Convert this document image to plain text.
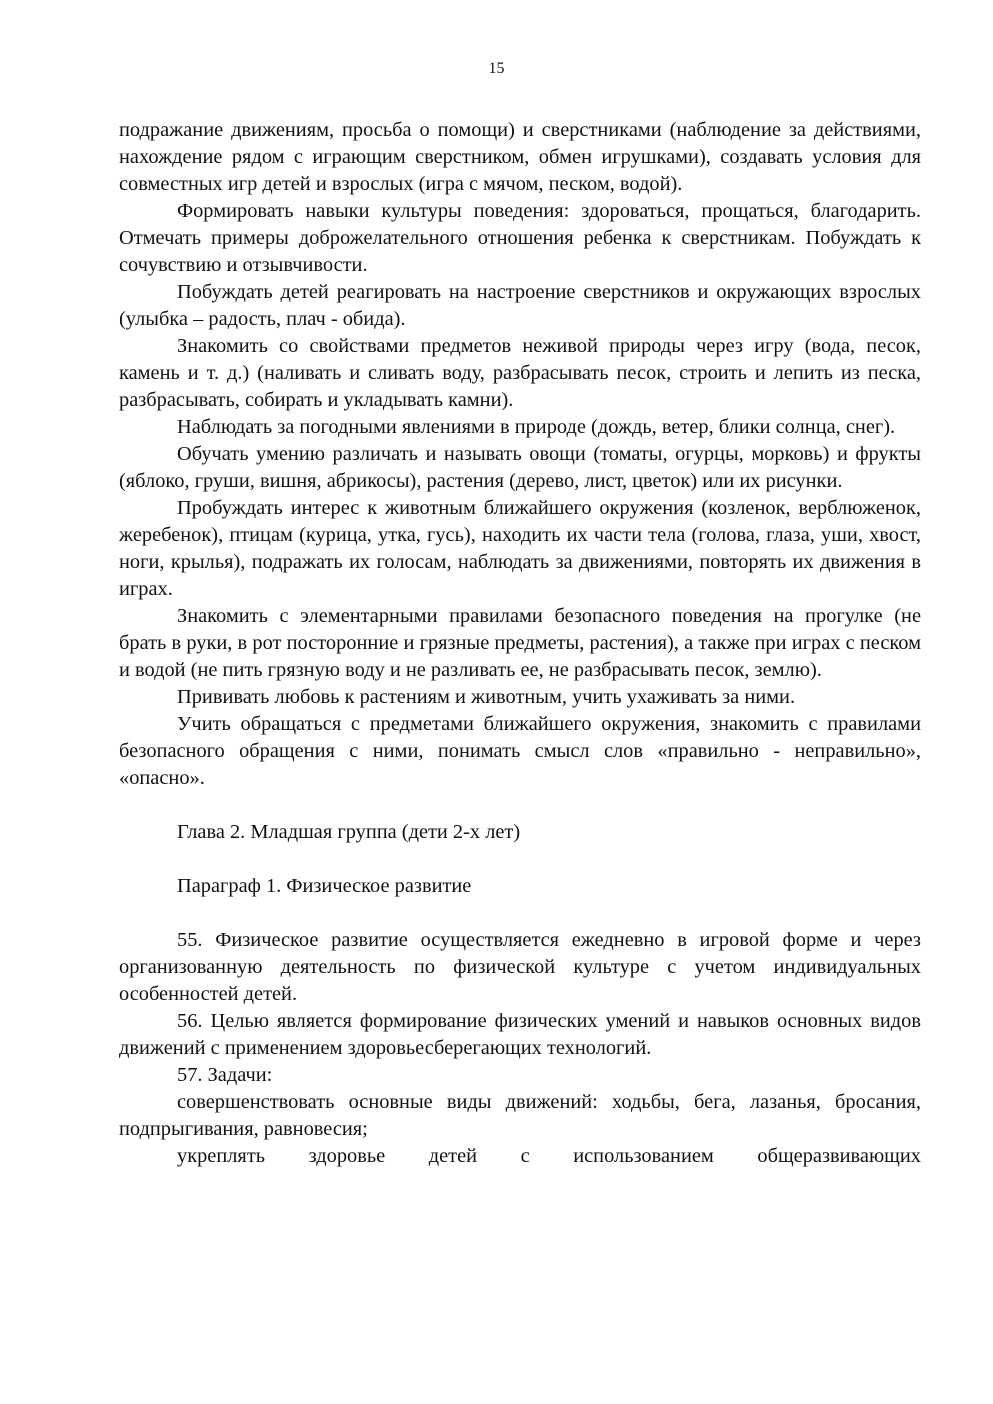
15

подражание движениям, просьба о помощи) и сверстниками (наблюдение за действиями, нахождение рядом с играющим сверстником, обмен игрушками), создавать условия для совместных игр детей и взрослых (игра с мячом, песком, водой).

Формировать навыки культуры поведения: здороваться, прощаться, благодарить. Отмечать примеры доброжелательного отношения ребенка к сверстникам. Побуждать к сочувствию и отзывчивости.

Побуждать детей реагировать на настроение сверстников и окружающих взрослых (улыбка – радость, плач - обида).

Знакомить со свойствами предметов неживой природы через игру (вода, песок, камень и т. д.) (наливать и сливать воду, разбрасывать песок, строить и лепить из песка, разбрасывать, собирать и укладывать камни).

Наблюдать за погодными явлениями в природе (дождь, ветер, блики солнца, снег).

Обучать умению различать и называть овощи (томаты, огурцы, морковь) и фрукты (яблоко, груши, вишня, абрикосы), растения (дерево, лист, цветок) или их рисунки.

Пробуждать интерес к животным ближайшего окружения (козленок, верблюженок, жеребенок), птицам (курица, утка, гусь), находить их части тела (голова, глаза, уши, хвост, ноги, крылья), подражать их голосам, наблюдать за движениями, повторять их движения в играх.

Знакомить с элементарными правилами безопасного поведения на прогулке (не брать в руки, в рот посторонние и грязные предметы, растения), а также при играх с песком и водой (не пить грязную воду и не разливать ее, не разбрасывать песок, землю).

Прививать любовь к растениям и животным, учить ухаживать за ними.

Учить обращаться с предметами ближайшего окружения, знакомить с правилами безопасного обращения с ними, понимать смысл слов «правильно - неправильно», «опасно».

Глава 2. Младшая группа (дети 2-х лет)

Параграф 1. Физическое развитие

55. Физическое развитие осуществляется ежедневно в игровой форме и через организованную деятельность по физической культуре с учетом индивидуальных особенностей детей.

56. Целью является формирование физических умений и навыков основных видов движений с применением здоровьесберегающих технологий.

57. Задачи:

совершенствовать основные виды движений: ходьбы, бега, лазанья, бросания, подпрыгивания, равновесия;

укреплять здоровье детей с использованием общеразвивающих
